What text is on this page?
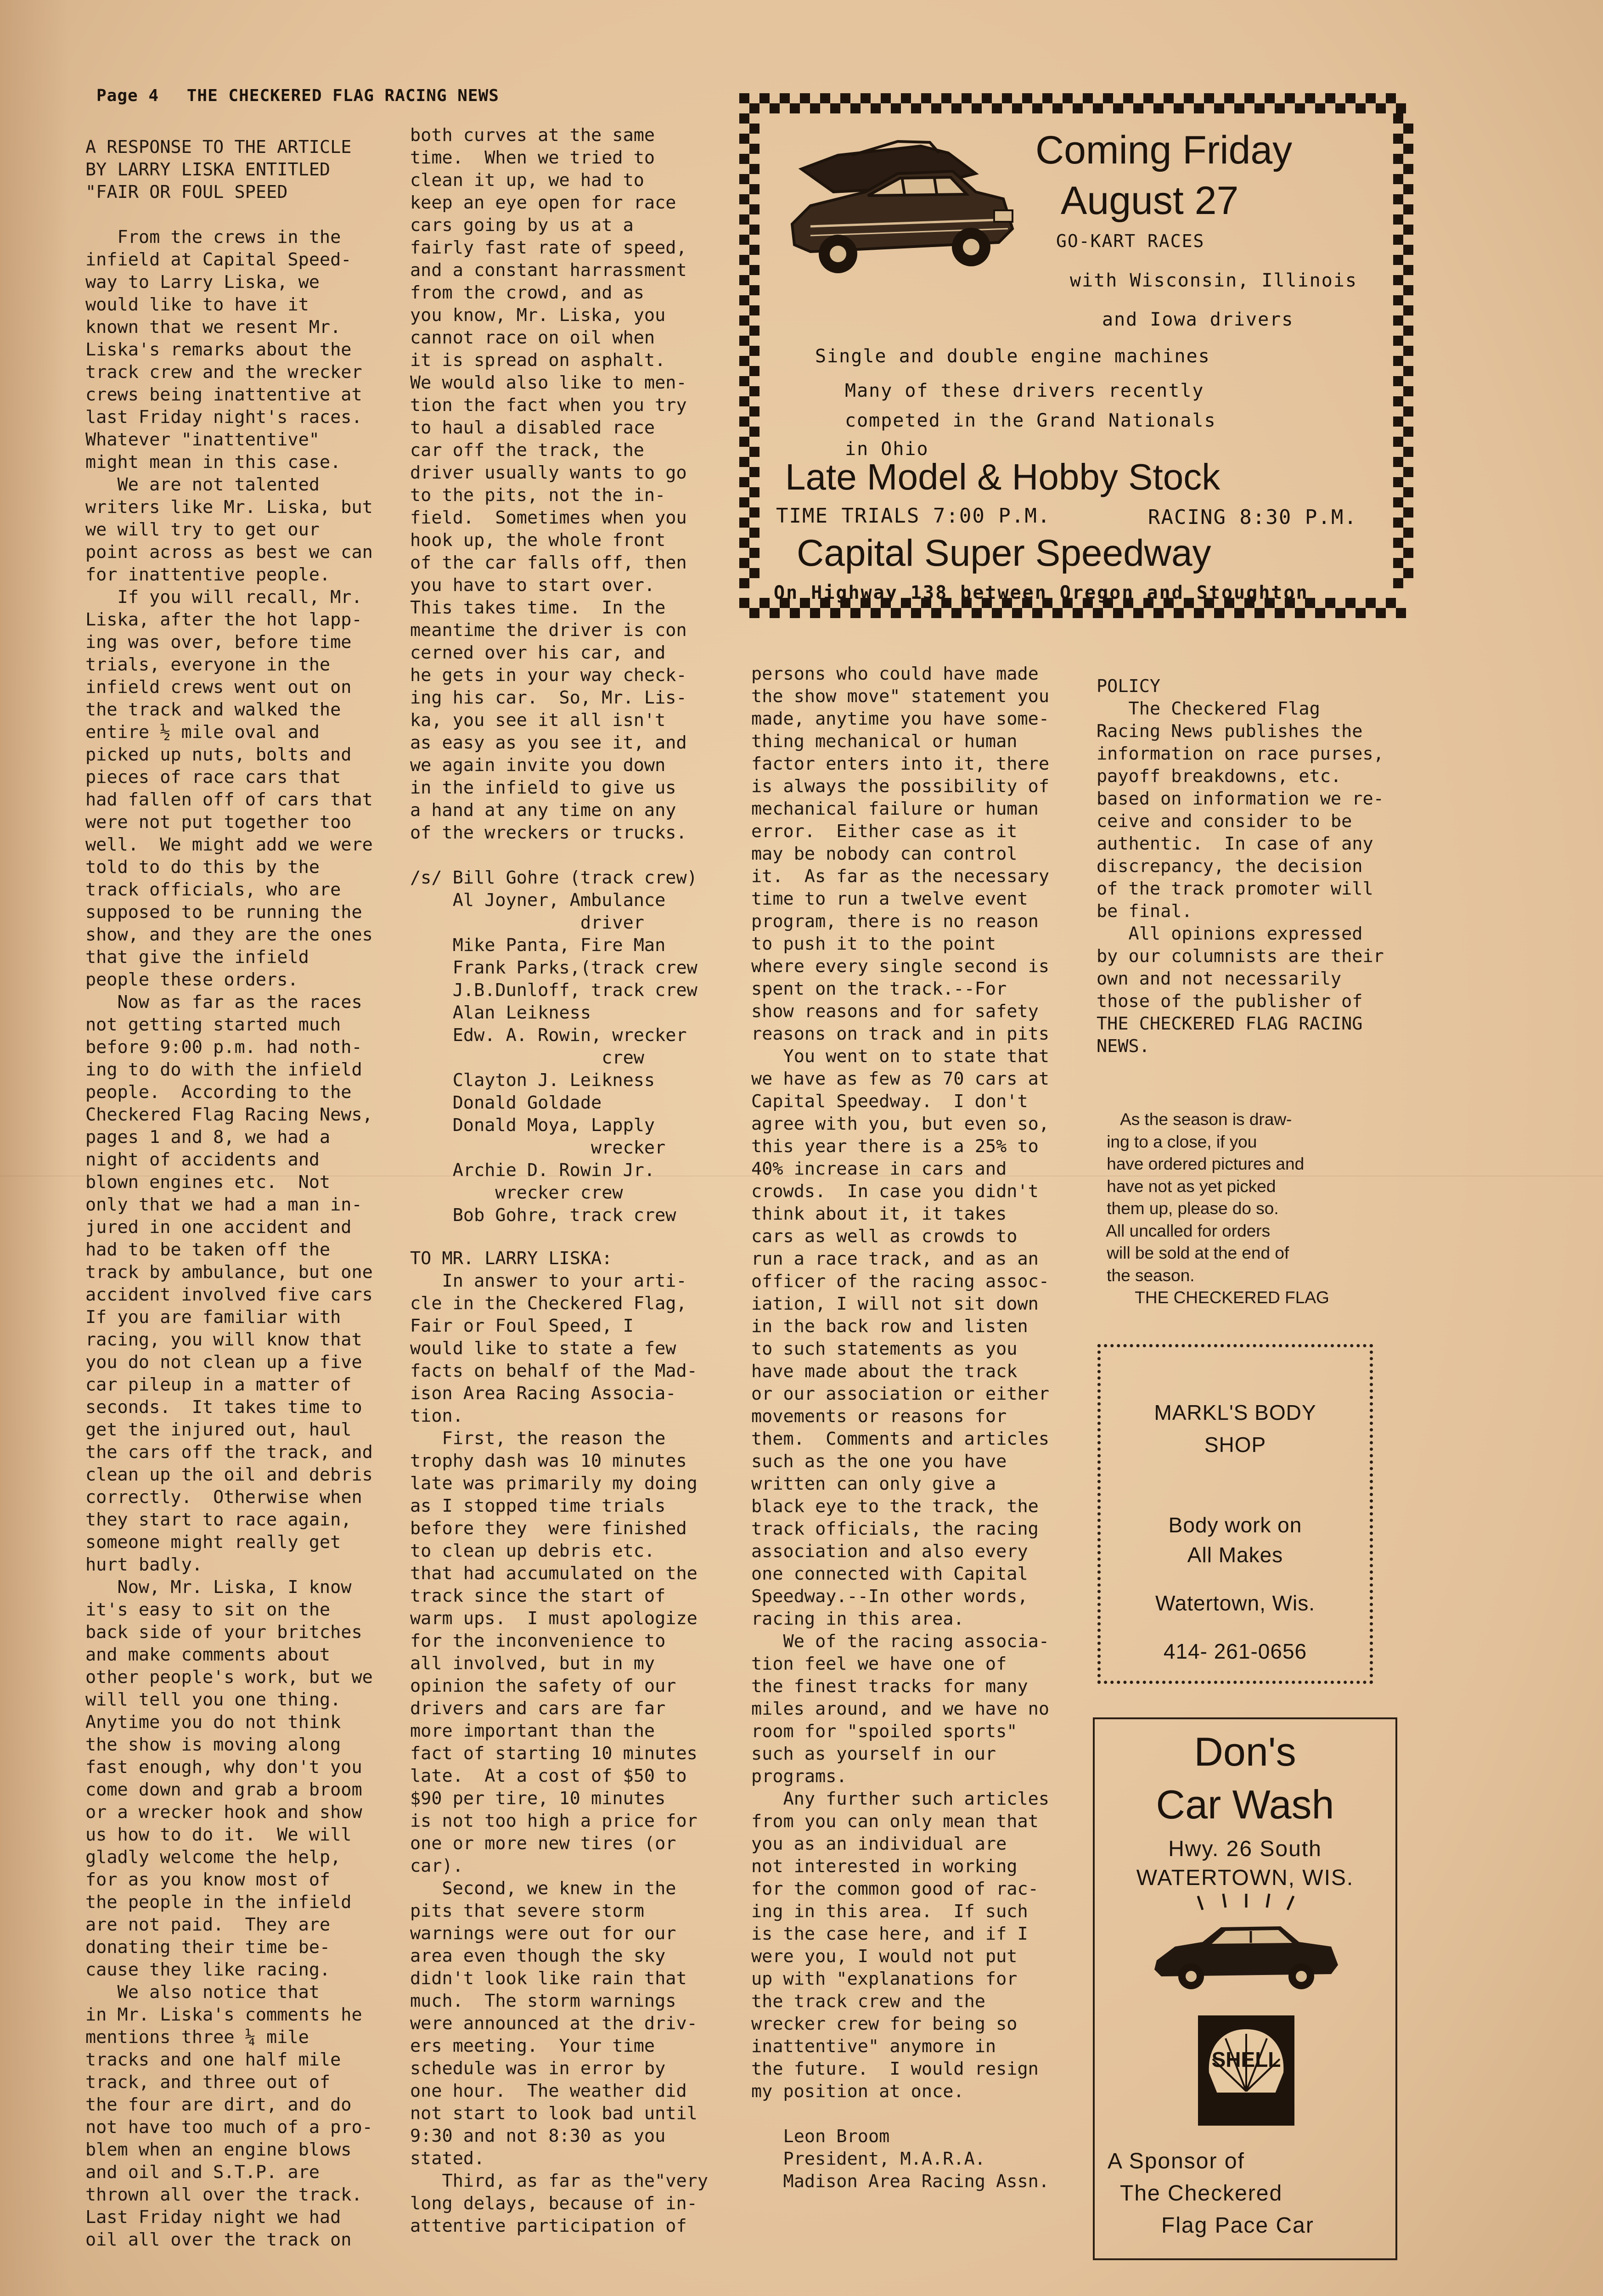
Page 4 THE CHECKERED FLAG RACING NEWS
A RESPONSE TO THE ARTICLE
BY LARRY LISKA ENTITLED
"FAIR OR FOUL SPEED

From the crews in the
infield at Capital Speed-
way to Larry Liska, we
would like to have it
known that we resent Mr.
Liska's remarks about the
track crew and the wrecker
crews being inattentive at
last Friday night's races.
Whatever "inattentive"
might mean in this case.
We are not talented
writers like Mr. Liska, but
we will try to get our
point across as best we can
for inattentive people.
If you will recall, Mr.
Liska, after the hot lapp-
ing was over, before time
trials, everyone in the
infield crews went out on
the track and walked the
entire ½ mile oval and
picked up nuts, bolts and
pieces of race cars that
had fallen off of cars that
were not put together too
well.  We might add we were
told to do this by the
track officials, who are
supposed to be running the
show, and they are the ones
that give the infield
people these orders.
Now as far as the races
not getting started much
before 9:00 p.m. had noth-
ing to do with the infield
people.  According to the
Checkered Flag Racing News,
pages 1 and 8, we had a
night of accidents and
blown engines etc.  Not
only that we had a man in-
jured in one accident and
had to be taken off the
track by ambulance, but one
accident involved five cars
If you are familiar with
racing, you will know that
you do not clean up a five
car pileup in a matter of
seconds.  It takes time to
get the injured out, haul
the cars off the track, and
clean up the oil and debris
correctly.  Otherwise when
they start to race again,
someone might really get
hurt badly.
Now, Mr. Liska, I know
it's easy to sit on the
back side of your britches
and make comments about
other people's work, but we
will tell you one thing.
Anytime you do not think
the show is moving along
fast enough, why don't you
come down and grab a broom
or a wrecker hook and show
us how to do it.  We will
gladly welcome the help,
for as you know most of
the people in the infield
are not paid.  They are
donating their time be-
cause they like racing.
We also notice that
in Mr. Liska's comments he
mentions three ¼ mile
tracks and one half mile
track, and three out of
the four are dirt, and do
not have too much of a pro-
blem when an engine blows
and oil and S.T.P. are
thrown all over the track.
Last Friday night we had
oil all over the track on
both curves at the same
time.  When we tried to
clean it up, we had to
keep an eye open for race
cars going by us at a
fairly fast rate of speed,
and a constant harrassment
from the crowd, and as
you know, Mr. Liska, you
cannot race on oil when
it is spread on asphalt.
We would also like to men-
tion the fact when you try
to haul a disabled race
car off the track, the
driver usually wants to go
to the pits, not the in-
field.  Sometimes when you
hook up, the whole front
of the car falls off, then
you have to start over.
This takes time.  In the
meantime the driver is con
cerned over his car, and
he gets in your way check-
ing his car.  So, Mr. Lis-
ka, you see it all isn't
as easy as you see it, and
we again invite you down
in the infield to give us
a hand at any time on any
of the wreckers or trucks.

/s/ Bill Gohre (track crew)
Al Joyner, Ambulance
driver
Mike Panta, Fire Man
Frank Parks,(track crew
J.B.Dunloff, track crew
Alan Leikness
Edw. A. Rowin, wrecker
crew
Clayton J. Leikness
Donald Goldade
Donald Moya, Lapply
wrecker
Archie D. Rowin Jr.
wrecker crew
Bob Gohre, track crew
TO MR. LARRY LISKA:
In answer to your arti-
cle in the Checkered Flag,
Fair or Foul Speed, I
would like to state a few
facts on behalf of the Mad-
ison Area Racing Associa-
tion.
First, the reason the
trophy dash was 10 minutes
late was primarily my doing
as I stopped time trials
before they  were finished
to clean up debris etc.
that had accumulated on the
track since the start of
warm ups.  I must apologize
for the inconvenience to
all involved, but in my
opinion the safety of our
drivers and cars are far
more important than the
fact of starting 10 minutes
late.  At a cost of $50 to
$90 per tire, 10 minutes
is not too high a price for
one or more new tires (or
car).
Second, we knew in the
pits that severe storm
warnings were out for our
area even though the sky
didn't look like rain that
much.  The storm warnings
were announced at the driv-
ers meeting.  Your time
schedule was in error by
one hour.  The weather did
not start to look bad until
9:30 and not 8:30 as you
stated.
Third, as far as the"very
long delays, because of in-
attentive participation of
persons who could have made
the show move" statement you
made, anytime you have some-
thing mechanical or human
factor enters into it, there
is always the possibility of
mechanical failure or human
error.  Either case as it
may be nobody can control
it.  As far as the necessary
time to run a twelve event
program, there is no reason
to push it to the point
where every single second is
spent on the track.--For
show reasons and for safety
reasons on track and in pits
You went on to state that
we have as few as 70 cars at
Capital Speedway.  I don't
agree with you, but even so,
this year there is a 25% to
40% increase in cars and
crowds.  In case you didn't
think about it, it takes
cars as well as crowds to
run a race track, and as an
officer of the racing assoc-
iation, I will not sit down
in the back row and listen
to such statements as you
have made about the track
or our association or either
movements or reasons for
them.  Comments and articles
such as the one you have
written can only give a
black eye to the track, the
track officials, the racing
association and also every
one connected with Capital
Speedway.--In other words,
racing in this area.
We of the racing associa-
tion feel we have one of
the finest tracks for many
miles around, and we have no
room for "spoiled sports"
such as yourself in our
programs.
Any further such articles
from you can only mean that
you as an individual are
not interested in working
for the common good of rac-
ing in this area.  If such
is the case here, and if I
were you, I would not put
up with "explanations for
the track crew and the
wrecker crew for being so
inattentive" anymore in
the future.  I would resign
my position at once.

Leon Broom
President, M.A.R.A.
Madison Area Racing Assn.
POLICY
The Checkered Flag
Racing News publishes the
information on race purses,
payoff breakdowns, etc.
based on information we re-
ceive and consider to be
authentic.  In case of any
discrepancy, the decision
of the track promoter will
be final.
All opinions expressed
by our columnists are their
own and not necessarily
those of the publisher of
THE CHECKERED FLAG RACING
NEWS.
As the season is draw-
ing to a close, if you
have ordered pictures and
have not as yet picked
them up, please do so.
All uncalled for orders
will be sold at the end of
the season.
THE CHECKERED FLAG
Coming Friday
August 27
GO-KART RACES
with Wisconsin, Illinois
and Iowa drivers
Single and double engine machines
Many of these drivers recently
competed in the Grand Nationals
in Ohio
Late Model & Hobby Stock
TIME TRIALS 7:00 P.M.	RACING 8:30 P.M.
Capital Super Speedway
On Highway 138 between Oregon and Stoughton
MARKL'S BODY
SHOP
Body work on
All Makes
Watertown, Wis.
414- 261-0656
Don's
Car Wash
Hwy. 26 South
WATERTOWN, WIS.
SHELL
A Sponsor of
The Checkered
Flag Pace Car
